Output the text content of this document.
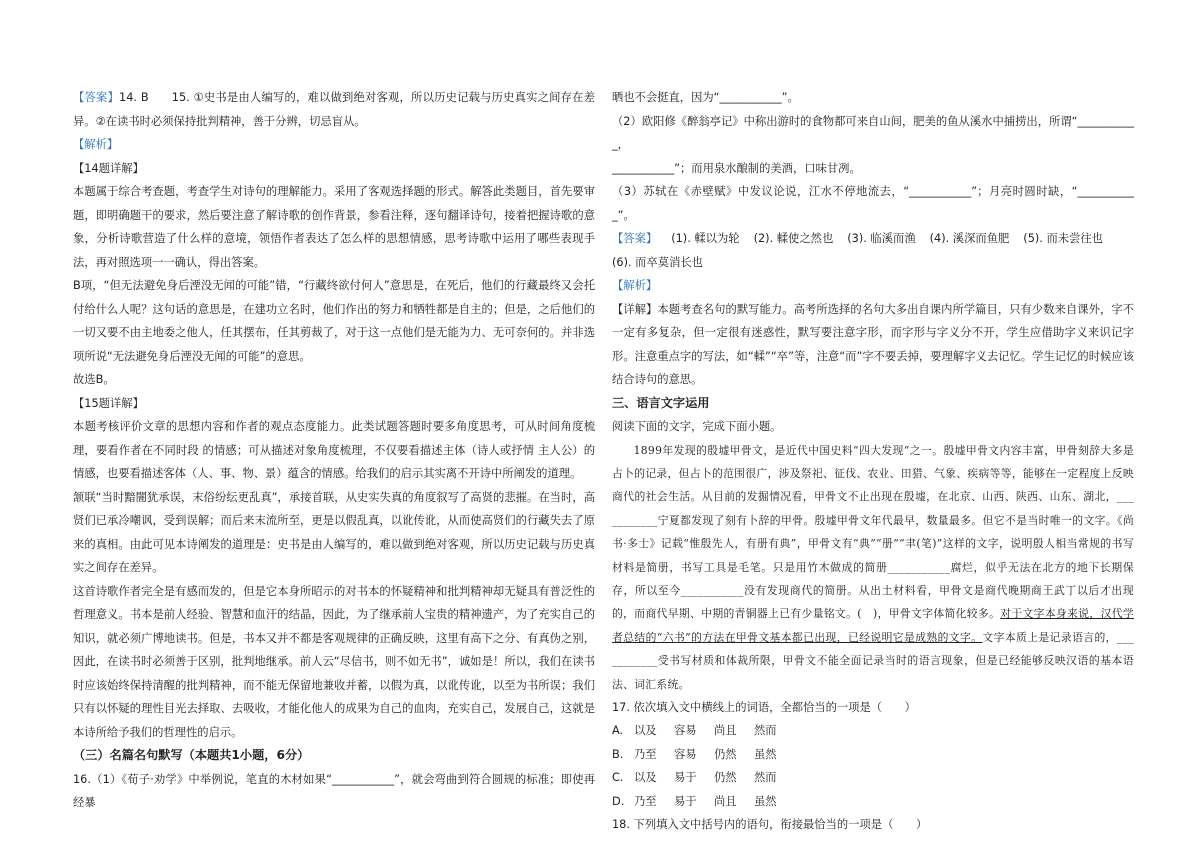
【答案】14. B　　15. ①史书是由人编写的，难以做到绝对客观，所以历史记载与历史真实之间存在差异。②在读书时必须保持批判精神，善于分辨，切忌盲从。

【解析】

【14题详解】

本题属于综合考查题，考查学生对诗句的理解能力。采用了客观选择题的形式。解答此类题目，首先要审题，即明确题干的要求，然后要注意了解诗歌的创作背景，参看注释，逐句翻译诗句，接着把握诗歌的意象，分析诗歌营造了什么样的意境，领悟作者表达了怎么样的思想情感，思考诗歌中运用了哪些表现手法，再对照选项一一确认，得出答案。

B项，“但无法避免身后湮没无闻的可能”错，“行藏终欲付何人”意思是，在死后，他们的行藏最终又会托付给什么人呢？这句话的意思是，在建功立名时，他们作出的努力和牺牲都是自主的；但是，之后他们的一切又要不由主地委之他人，任其摆布，任其剪裁了，对于这一点他们是无能为力、无可奈何的。并非选项所说“无法避免身后湮没无闻的可能”的意思。

故选B。

【15题详解】

本题考核评价文章的思想内容和作者的观点态度能力。此类试题答题时要多角度思考，可从时间角度梳理，要看作者在不同时段 的情感；可从描述对象角度梳理，不仅要看描述主体（诗人或抒情 主人公）的情感，也要看描述客体（人、事、物、景）蕴含的情感。给我们的启示其实离不开诗中所阐发的道理。

颔联“当时黯闇犹承误，末俗纷纭更乱真”，承接首联，从史实失真的角度叙写了高贤的悲摧。在当时，高贤们已承冷嘲讽，受到误解；而后来末流所至，更是以假乱真，以讹传讹，从而使高贤们的行藏失去了原来的真相。由此可见本诗阐发的道理是：史书是由人编写的，难以做到绝对客观，所以历史记载与历史真实之间存在差异。

这首诗歌作者完全是有感而发的，但是它本身所昭示的对书本的怀疑精神和批判精神却无疑具有普泛性的哲理意义。书本是前人经验、智慧和血汗的结晶，因此，为了继承前人宝贵的精神遗产，为了充实自己的知识，就必须广博地读书。但是，书本又并不都是客观规律的正确反映，这里有高下之分、有真伪之别，因此，在读书时必须善于区别，批判地继承。前人云“尽信书，则不如无书”，诚如是！所以，我们在读书时应该始终保持清醒的批判精神，而不能无保留地兼收并蓄，以假为真，以讹传讹，以至为书所误；我们只有以怀疑的理性目光去择取、去吸收，才能化他人的成果为自己的血肉，充实自己，发展自己，这就是本诗所给予我们的哲理性的启示。

（三）名篇名句默写（本题共1小题，6分）

16.（1）《荀子·劝学》中举例说，笔直的木材如果“___________”，就会弯曲到符合圆规的标准；即使再经暴

晒也不会挺直，因为“___________”。

（2）欧阳修《醉翁亭记》中称出游时的食物都可来自山间，肥美的鱼从溪水中捕捞出，所谓“___________，

___________”；而用泉水酿制的美酒，口味甘冽。

（3）苏轼在《赤壁赋》中发议论说，江水不停地流去，“___________”；月亮时圆时缺，“___________”。

【答案】 (1). 輮以为轮 (2). 輮使之然也 (3). 临溪而渔 (4). 溪深而鱼肥 (5). 而未尝往也

(6). 而卒莫消长也

【解析】

【详解】本题考查名句的默写能力。高考所选择的名句大多出自课内所学篇目，只有少数来自课外，字不一定有多复杂，但一定很有迷惑性，默写要注意字形，而字形与字义分不开，学生应借助字义来识记字形。注意重点字的写法，如“輮”“卒”等，注意“而”字不要丢掉，要理解字义去记忆。学生记忆的时候应该结合诗句的意思。

三、语言文字运用

阅读下面的文字，完成下面小题。

1899年发现的殷墟甲骨文，是近代中国史料“四大发现”之一。殷墟甲骨文内容丰富，甲骨刻辞大多是占卜的记录，但占卜的范围很广，涉及祭祀、征伐、农业、田猎、气象、疾病等等，能够在一定程度上反映商代的社会生活。从目前的发掘情况看，甲骨文不止出现在殷墟，在北京、山西、陕西、山东、湖北，___________宁夏都发现了刻有卜辞的甲骨。殷墟甲骨文年代最早，数量最多。但它不是当时唯一的文字。《尚书·多士》记载“惟殷先人，有册有典”，甲骨文有“典”“册”“聿(笔)”这样的文字，说明殷人相当常规的书写材料是简册，书写工具是毛笔。只是用竹木做成的简册___________腐烂，似乎无法在北方的地下长期保存，所以至今___________没有发现商代的简册。从出土材料看，甲骨文是商代晚期商王武丁以后才出现的，而商代早期、中期的青铜器上已有少量铭文。(　)，甲骨文字体简化较多。对于文字本身来说，汉代学者总结的“六书”的方法在甲骨文基本都已出现，已经说明它是成熟的文字。文字本质上是记录语言的，___________受书写材质和体裁所限，甲骨文不能全面记录当时的语言现象，但是已经能够反映汉语的基本语法、词汇系统。

17. 依次填入文中横线上的词语，全都恰当的一项是（　　）

A. 以及 容易 尚且 然而

B. 乃至 容易 仍然 虽然

C. 以及 易于 仍然 然而

D. 乃至 易于 尚且 虽然

18. 下列填入文中括号内的语句，衔接最恰当的一项是（　　）
